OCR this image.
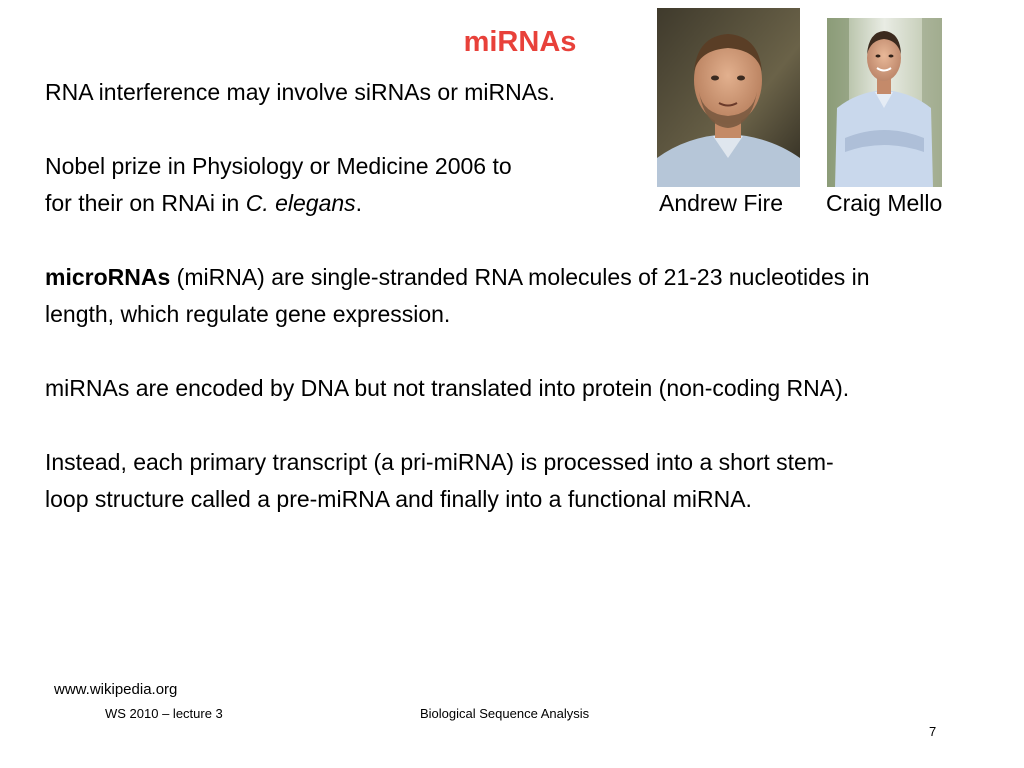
miRNAs
RNA interference may involve siRNAs or miRNAs.
Nobel prize in Physiology or Medicine 2006 to
for their on RNAi in C. elegans.
microRNAs (miRNA) are single-stranded RNA molecules of 21-23 nucleotides in
length, which regulate gene expression.
miRNAs are encoded by DNA but not translated into protein (non-coding RNA).
Instead, each primary transcript (a pri-miRNA) is processed into a short stem-
loop structure called a pre-miRNA and finally into a functional miRNA.
Andrew Fire Craig Mello
www.wikipedia.org
WS 2010 – lecture 3	Biological Sequence Analysis
7
